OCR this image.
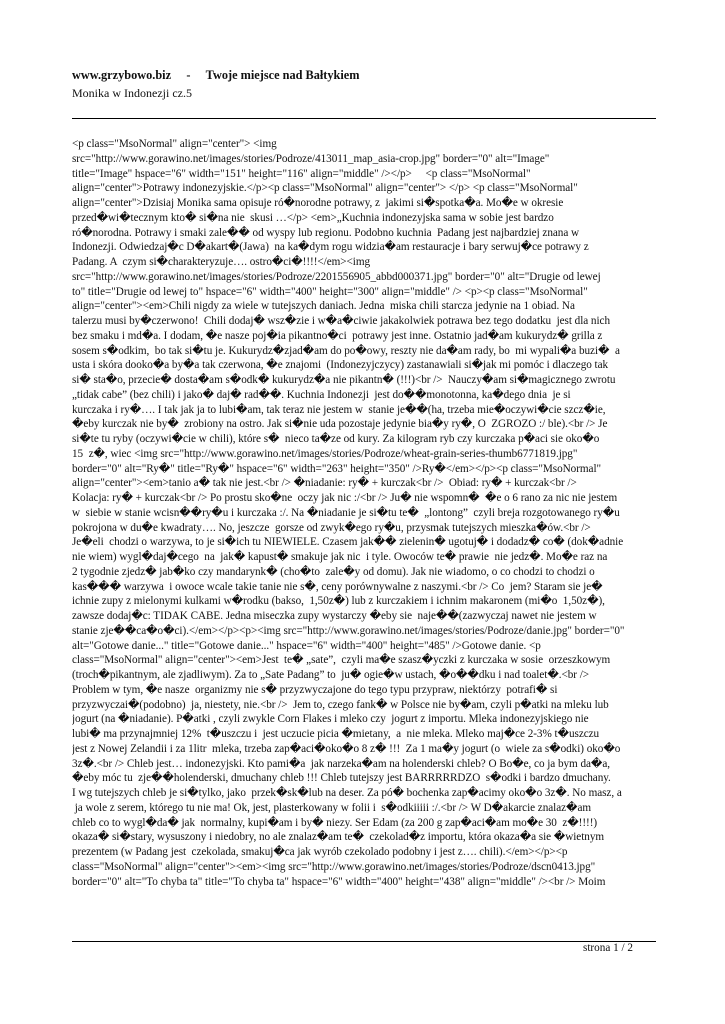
www.grzybowo.biz     -     Twoje miejsce nad Bałtykiem
Monika w Indonezji cz.5
<p class="MsoNormal" align="center"> <img
src="http://www.gorawino.net/images/stories/Podroze/413011_map_asia-crop.jpg" border="0" alt="Image"
title="Image" hspace="6" width="151" height="116" align="middle" /></p>     <p class="MsoNormal"
align="center">Potrawy indonezyjskie.</p><p class="MsoNormal" align="center"> </p> <p class="MsoNormal"
align="center">Dzisiaj Monika sama opisuje ró�norodne potrawy, z  jakimi si�spotka�a. Mo�e w okresie
przed�wi�tecznym kto� si�na nie  skusi …</p> <em>„Kuchnia indonezyjska sama w sobie jest bardzo
ró�norodna. Potrawy i smaki zale�� od wyspy lub regionu. Podobno kuchnia  Padang jest najbardziej znana w
Indonezji. Odwiedzaj�c D�akart�(Jawa)  na ka�dym rogu widzia�am restauracje i bary serwuj�ce potrawy z
Padang. A  czym si�charakteryzuje…. ostro�ci�!!!!</em><img
src="http://www.gorawino.net/images/stories/Podroze/2201556905_abbd000371.jpg" border="0" alt="Drugie od lewej
to" title="Drugie od lewej to" hspace="6" width="400" height="300" align="middle" /> <p><p class="MsoNormal"
align="center"><em>Chili nigdy za wiele w tutejszych daniach. Jedna  miska chili starcza jedynie na 1 obiad. Na
talerzu musi by�czerwono!  Chili dodaj� wsz�zie i w�a�ciwie jakakolwiek potrawa bez tego dodatku  jest dla nich
bez smaku i md�a. I dodam, �e nasze poj�ia pikantno�ci  potrawy jest inne. Ostatnio jad�am kukurydz� grilla z
sosem s�odkim,  bo tak si�tu je. Kukurydz�zjad�am do po�owy, reszty nie da�am rady, bo  mi wypali�a buzi�  a
usta i skóra dooko�a by�a tak czerwona, �e znajomi  (Indonezyjczycy) zastanawiali si�jak mi pomóc i dlaczego tak
si� sta�o, przecie� dosta�am s�odk� kukurydz�a nie pikantn� (!!!)<br />  Nauczy�am si�magicznego zwrotu
„tidak cabe” (bez chili) i jako� daj� rad��. Kuchnia Indonezji  jest do��monotonna, ka�dego dnia  je si
kurczaka i ry�…. I tak jak ja to lubi�am, tak teraz nie jestem w  stanie je��(ha, trzeba mie�oczywi�cie szcz�ie,
�eby kurczak nie by�  zrobiony na ostro. Jak si�nie uda pozostaje jedynie bia�y ry�, O  ZGROZO :/ ble).<br /> Je
si�te tu ryby (oczywi�cie w chili), które s�  nieco ta�ze od kury. Za kilogram ryb czy kurczaka p�aci sie oko�o
15  z�, wiec <img src="http://www.gorawino.net/images/stories/Podroze/wheat-grain-series-thumb6771819.jpg"
border="0" alt="Ry�" title="Ry�" hspace="6" width="263" height="350" />Ry�</em></p><p class="MsoNormal"
align="center"><em>tanio a� tak nie jest.<br /> �niadanie: ry� + kurczak<br />  Obiad: ry� + kurczak<br />
Kolacja: ry� + kurczak<br /> Po prostu sko�ne  oczy jak nic :/<br /> Ju� nie wspomn�  �e o 6 rano za nic nie jestem
w  siebie w stanie wcisn��ry�u i kurczaka :/. Na �niadanie je si�tu te�  „lontong”  czyli breja rozgotowanego ry�u
pokrojona w du�e kwadraty…. No, jeszcze  gorsze od zwyk�ego ry�u, przysmak tutejszych mieszka�ów.<br />
Je�eli  chodzi o warzywa, to je si�ich tu NIEWIELE. Czasem jak�� zielenin� ugotuj� i dodadz� co� (dok�adnie
nie wiem) wygl�daj�cego  na  jak� kapust� smakuje jak nic  i tyle. Owoców te� prawie  nie jedz�. Mo�e raz na
2 tygodnie zjedz� jab�ko czy mandarynk� (cho�to  zale�y od domu). Jak nie wiadomo, o co chodzi to chodzi o
kas��� warzywa  i owoce wcale takie tanie nie s�, ceny porównywalne z naszymi.<br /> Co  jem? Staram sie je�
ichnie zupy z mielonymi kulkami w�rodku (bakso,  1,50z�) lub z kurczakiem i ichnim makaronem (mi�o  1,50z�),
zawsze dodaj�c: TIDAK CABE. Jedna miseczka zupy wystarczy �eby sie  naje��(zazwyczaj nawet nie jestem w
stanie zje��ca�o�ci).</em></p><p><img src="http://www.gorawino.net/images/stories/Podroze/danie.jpg" border="0"
alt="Gotowe danie..." title="Gotowe danie..." hspace="6" width="400" height="485" />Gotowe danie. <p
class="MsoNormal" align="center"><em>Jest  te� „sate”,  czyli ma�e szasz�yczki z kurczaka w sosie  orzeszkowym
(troch�pikantnym, ale zjadliwym). Za to „Sate Padang” to  ju� ogie�w ustach, �o��dku i nad toalet�.<br />
Problem w tym, �e nasze  organizmy nie s� przyzwyczajone do tego typu przypraw, niektórzy  potrafi� si
przyzwyczai�(podobno)  ja, niestety, nie.<br />  Jem to, czego fank� w Polsce nie by�am, czyli p�atki na mleku lub
jogurt (na �niadanie). P�atki , czyli zwykle Corn Flakes i mleko czy  jogurt z importu. Mleka indonezyjskiego nie
lubi� ma przynajmniej 12%  t�uszczu i  jest uczucie picia �mietany,  a  nie mleka. Mleko maj�ce 2-3% t�uszczu
jest z Nowej Zelandii i za 1litr  mleka, trzeba zap�aci�oko�o 8 z� !!!  Za 1 ma�y jogurt (o  wiele za s�odki) oko�o
3z�.<br /> Chleb jest… indonezyjski. Kto pami�a  jak narzeka�am na holenderski chleb? O Bo�e, co ja bym da�a,
�eby móc tu  zje��holenderski, dmuchany chleb !!! Chleb tutejszy jest BARRRRRDZO  s�odki i bardzo dmuchany.
I wg tutejszych chleb je si�tylko, jako  przek�sk�lub na deser. Za pó� bochenka zap�acimy oko�o 3z�. No masz, a
ja wole z serem, którego tu nie ma! Ok, jest, plasterkowany w folii i  s�odkiiiii :/.<br /> W D�akarcie znalaz�am
chleb co to wygl�da� jak  normalny, kupi�am i by� niezy. Ser Edam (za 200 g zap�aci�am mo�e 30  z�!!!!)
okaza� si�stary, wysuszony i niedobry, no ale znalaz�am te�  czekolad�z importu, która okaza�a sie �wietnym
prezentem (w Padang jest  czekolada, smakuj�ca jak wyrób czekolado podobny i jest z…. chili).</em></p><p
class="MsoNormal" align="center"><em><img src="http://www.gorawino.net/images/stories/Podroze/dscn0413.jpg"
border="0" alt="To chyba ta" title="To chyba ta" hspace="6" width="400" height="438" align="middle" /><br /> Moim
strona 1 / 2
